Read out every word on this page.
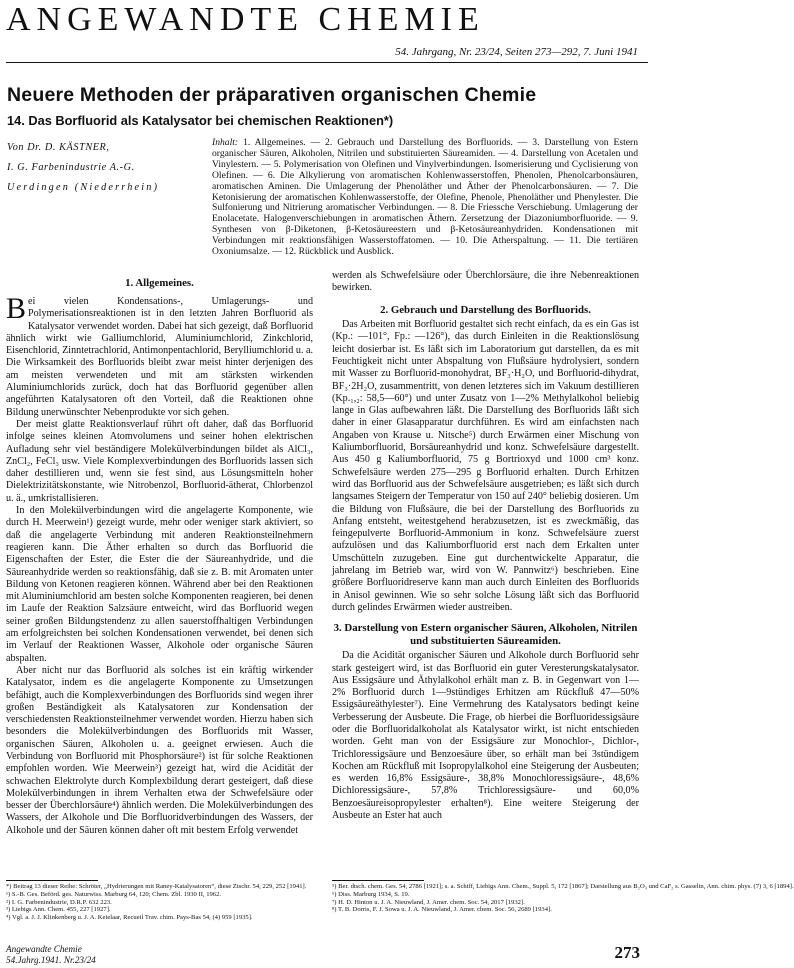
ANGEWANDTE CHEMIE
54. Jahrgang, Nr. 23/24, Seiten 273—292, 7. Juni 1941
Neuere Methoden der präparativen organischen Chemie
14. Das Borfluorid als Katalysator bei chemischen Reaktionen*)
Von Dr. D. KÄSTNER,
I. G. Farbenindustrie A.-G.
Uerdingen (Niederrhein)
Inhalt: 1. Allgemeines. — 2. Gebrauch und Darstellung des Borfluorids. — 3. Darstellung von Estern organischer Säuren, Alkoholen, Nitrilen und substituierten Säureamiden. — 4. Darstellung von Acetalen und Vinylestern. — 5. Polymerisation von Olefinen und Vinylverbindungen. Isomerisierung und Cyclisierung von Olefinen. — 6. Die Alkylierung von aromatischen Kohlenwasserstoffen, Phenolen, Phenolcarbonsäuren, aromatischen Aminen. Die Umlagerung der Phenoläther und Äther der Phenolcarbonsäuren. — 7. Die Ketonisierung der aromatischen Kohlenwasserstoffe, der Olefine, Phenole, Phenoläther und Phenylester. Die Sulfonierung und Nitrierung aromatischer Verbindungen. — 8. Die Friessche Verschiebung. Umlagerung der Enolacetate. Halogenverschiebungen in aromatischen Äthern. Zersetzung der Diazoniumborfluoride. — 9. Synthesen von β-Diketonen, β-Ketosäureestern und β-Ketosäureanhydriden. Kondensationen mit Verbindungen mit reaktionsfähigen Wasserstoffatomen. — 10. Die Atherspaltung. — 11. Die tertiären Oxoniumsalze. — 12. Rückblick und Ausblick.
1. Allgemeines.

Bei vielen Kondensations-, Umlagerungs- und Polymerisationsreaktionen ist in den letzten Jahren Borfluorid als Katalysator verwendet worden. Dabei hat sich gezeigt, daß Borfluorid ähnlich wirkt wie Galliumchlorid, Aluminiumchlorid, Zinkchlorid, Eisenchlorid, Zinntetrachlorid, Antimonpentachlorid, Berylliumchlorid u. a. Die Wirksamkeit des Borfluorids bleibt zwar meist hinter derjenigen des am meisten verwendeten und mit am stärksten wirkenden Aluminiumchlorids zurück, doch hat das Borfluorid gegenüber allen angeführten Katalysatoren oft den Vorteil, daß die Reaktionen ohne Bildung unerwünschter Nebenprodukte vor sich gehen.

Der meist glatte Reaktionsverlauf rührt oft daher, daß das Borfluorid infolge seines kleinen Atomvolumens und seiner hohen elektrischen Aufladung sehr viel beständigere Molekülverbindungen bildet als AlCl₃, ZnCl₂, FeCl₃ usw. Viele Komplexverbindungen des Borfluorids lassen sich daher destillieren und, wenn sie fest sind, aus Lösungsmitteln hoher Dielektrizitätskonstante, wie Nitrobenzol, Borfluorid-ätherat, Chlorbenzol u. ä., umkristallisieren.

In den Molekülverbindungen wird die angelagerte Komponente, wie durch H. Meerwein¹) gezeigt wurde, mehr oder weniger stark aktiviert, so daß die angelagerte Verbindung mit anderen Reaktionsteilnehmern reagieren kann. Die Äther erhalten so durch das Borfluorid die Eigenschaften der Ester, die Ester die der Säureanhydride, und die Säureanhydride werden so reaktionsfähig, daß sie z. B. mit Aromaten unter Bildung von Ketonen reagieren können. Während aber bei den Reaktionen mit Aluminiumchlorid am besten solche Komponenten reagieren, bei denen im Laufe der Reaktion Salzsäure entweicht, wird das Borfluorid wegen seiner großen Bildungstendenz zu allen sauerstoffhaltigen Verbindungen am erfolgreichsten bei solchen Kondensationen verwendet, bei denen sich im Verlauf der Reaktionen Wasser, Alkohole oder organische Säuren abspalten.

Aber nicht nur das Borfluorid als solches ist ein kräftig wirkender Katalysator, indem es die angelagerte Komponente zu Umsetzungen befähigt, auch die Komplexverbindungen des Borfluorids sind wegen ihrer großen Beständigkeit als Katalysatoren zur Kondensation der verschiedensten Reaktionsteilnehmer verwendet worden. Hierzu haben sich besonders die Molekülverbindungen des Borfluorids mit Wasser, organischen Säuren, Alkoholen u. a. geeignet erwiesen. Auch die Verbindung von Borfluorid mit Phosphorsäure²) ist für solche Reaktionen empfohlen worden. Wie Meerwein³) gezeigt hat, wird die Acidität der schwachen Elektrolyte durch Komplexbildung derart gesteigert, daß diese Molekülverbindungen in ihrem Verhalten etwa der Schwefelsäure oder besser der Überchlorsäure⁴) ähnlich werden. Die Molekülverbindungen des Wassers, der Alkohole und Die Borfluoridverbindungen des Wassers, der Alkohole und der Säuren können daher oft mit bestem Erfolg verwendet

werden als Schwefelsäure oder Überchlorsäure, die ihre Nebenreaktionen bewirken.

2. Gebrauch und Darstellung des Borfluorids.

Das Arbeiten mit Borfluorid gestaltet sich recht einfach, da es ein Gas ist (Kp.: —101°, Fp.: —126°), das durch Einleiten in die Reaktionslösung leicht dosierbar ist. Es läßt sich im Laboratorium gut darstellen, da es mit Feuchtigkeit nicht unter Abspaltung von Flußsäure hydrolysiert, sondern mit Wasser zu Borfluorid-monohydrat, BF₃·H₂O, und Borfluorid-dihydrat, BF₃·2H₂O, zusammentritt, von denen letzteres sich im Vakuum destillieren (Kp.₁,₂: 58,5—60°) und unter Zusatz von 1—2% Methylalkohol beliebig lange in Glas aufbewahren läßt. Die Darstellung des Borfluorids läßt sich daher in einer Glasapparatur durchführen. Es wird am einfachsten nach Angaben von Krause u. Nitsche⁵) durch Erwärmen einer Mischung von Kaliumborfluorid, Borsäureanhydrid und konz. Schwefelsäure dargestellt. Aus 450 g Kaliumborfluorid, 75 g Bortrioxyd und 1000 cm³ konz. Schwefelsäure werden 275—295 g Borfluorid erhalten. Durch Erhitzen wird das Borfluorid aus der Schwefelsäure ausgetrieben; es läßt sich durch langsames Steigern der Temperatur von 150 auf 240° beliebig dosieren. Um die Bildung von Flußsäure, die bei der Darstellung des Borfluorids zu Anfang entsteht, weitestgehend herabzusetzen, ist es zweckmäßig, das feingepulverte Borfluorid-Ammonium in konz. Schwefelsäure zuerst aufzulösen und das Kaliumborfluorid erst nach dem Erkalten unter Umschütteln zuzugeben. Eine gut durchentwickelte Apparatur, die jahrelang im Betrieb war, wird von W. Pannwitz⁶) beschrieben. Eine größere Borfluoridreserve kann man auch durch Einleiten des Borfluorids in Anisol gewinnen. Wie so sehr solche Lösung läßt sich das Borfluorid durch gelindes Erwärmen wieder austreiben.

3. Darstellung von Estern organischer Säuren, Alkoholen, Nitrilen und substituierten Säureamiden.

Da die Acidität organischer Säuren und Alkohole durch Borfluorid sehr stark gesteigert wird, ist das Borfluorid ein guter Veresterungskatalysator. Aus Essigsäure und Äthylalkohol erhält man z. B. in Gegenwart von 1—2% Borfluorid durch 1—9stündiges Erhitzen am Rückfluß 47—50% Essigsäureäthylester⁷). Eine Vermehrung des Katalysators bedingt keine Verbesserung der Ausbeute. Die Frage, ob hierbei die Borfluoridessigsäure oder die Borfluoridalkoholat als Katalysator wirkt, ist nicht entschieden worden. Geht man von der Essigsäure zur Monochlor-, Dichlor-, Trichloressigsäure und Benzoesäure über, so erhält man bei 3stündigem Kochen am Rückfluß mit Isopropylalkohol eine Steigerung der Ausbeuten; es werden 16,8% Essigsäure-, 38,8% Monochloressigsäure-, 48,6% Dichloressigsäure-, 57,8% Trichloressigsäure- und 60,0% Benzoesäureisopropylester erhalten⁸). Eine weitere Steigerung der Ausbeute an Ester hat auch

*) Beitrag 13 dieser Reihe: Schröter, „Hydrierungen mit Raney-Katalysatoren“, diese Ztschr. 54, 229, 252 [1941].
¹) S.-B. Ges. Beförd. ges. Naturwiss. Marburg 64, 120; Chem. Zbl. 1930 II, 1962.
²) I. G. Farbenindustrie, D.R.P. 632 223.
³) Liebigs Ann. Chem. 455, 227 [1927].
⁴) Vgl. a. J. J. Klinkenberg u. J. A. Ketelaar, Recueil Trav. chim. Pays-Bas 54, (4) 959 [1935].
⁵) Ber. dtsch. chem. Ges. 54, 2786 [1921]; s. a. Schiff, Liebigs Ann. Chem., Suppl. 5, 172 [1867]; Darstellung aus B₂O₃ und CaF₂ s. Gasselin, Ann. chim. phys. (7) 3, 6 [1894].
⁶) Diss. Marburg 1934, S. 19.
⁷) H. D. Hinton u. J. A. Nieuwland, J. Amer. chem. Soc. 54, 2017 [1932].
⁸) T. B. Dorris, F. J. Sowa u. J. A. Nieuwland, J. Amer. chem. Soc. 56, 2689 [1934].
Angewandte Chemie
54.Jahrg.1941. Nr.23/24	273
